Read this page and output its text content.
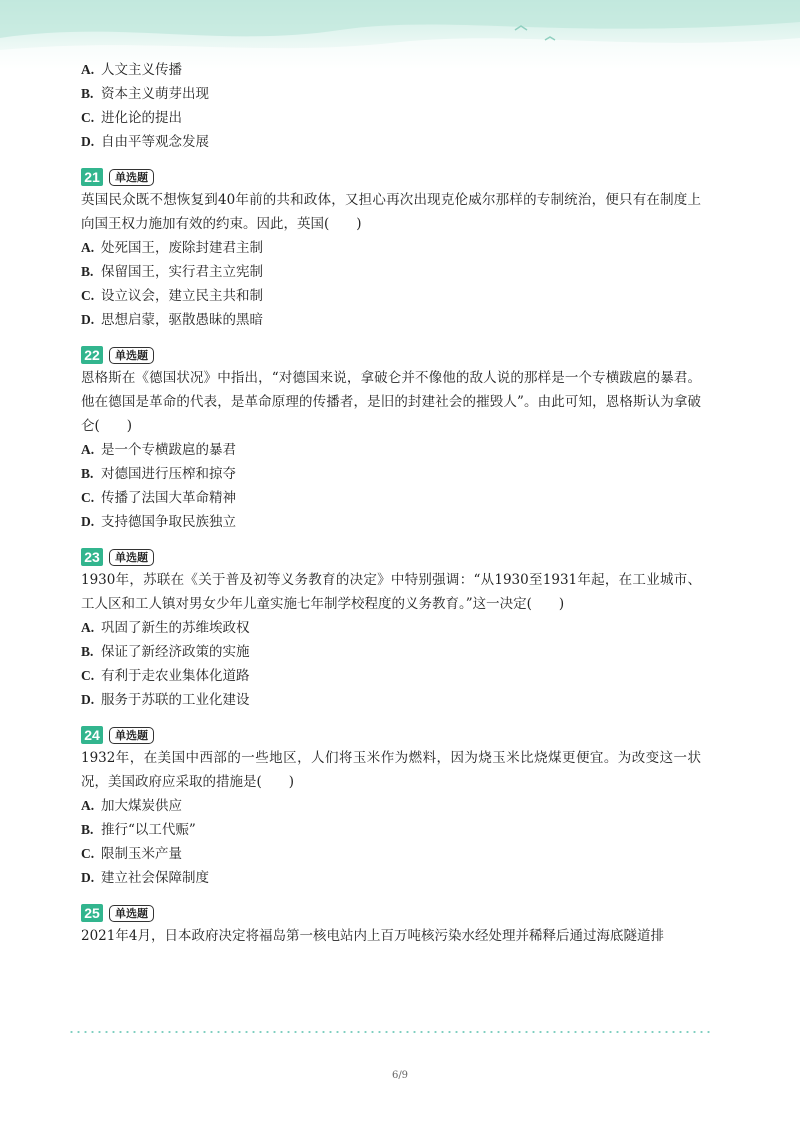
A. 人文主义传播
B. 资本主义萌芽出现
C. 进化论的提出
D. 自由平等观念发展
21	单选题
英国民众既不想恢复到40年前的共和政体，又担心再次出现克伦威尔那样的专制统治，便只有在制度上向国王权力施加有效的约束。因此，英国(　　)
A. 处死国王，废除封建君主制
B. 保留国王，实行君主立宪制
C. 设立议会，建立民主共和制
D. 思想启蒙，驱散愚昧的黑暗
22	单选题
恩格斯在《德国状况》中指出，“对德国来说，拿破仑并不像他的敌人说的那样是一个专横跋扈的暴君。他在德国是革命的代表，是革命原理的传播者，是旧的封建社会的摧毁人”。由此可知，恩格斯认为拿破仑(　　)
A. 是一个专横跋扈的暴君
B. 对德国进行压榨和掠夺
C. 传播了法国大革命精神
D. 支持德国争取民族独立
23	单选题
1930年，苏联在《关于普及初等义务教育的决定》中特别强调：“从1930至1931年起，在工业城市、工人区和工人镇对男女少年儿童实施七年制学校程度的义务教育。”这一决定(　　)
A. 巩固了新生的苏维埃政权
B. 保证了新经济政策的实施
C. 有利于走农业集体化道路
D. 服务于苏联的工业化建设
24	单选题
1932年，在美国中西部的一些地区，人们将玉米作为燃料，因为烧玉米比烧煤更便宜。为改变这一状况，美国政府应采取的措施是(　　)
A. 加大煤炭供应
B. 推行“以工代赈”
C. 限制玉米产量
D. 建立社会保障制度
25	单选题
2021年4月，日本政府决定将福岛第一核电站内上百万吨核污染水经处理并稀释后通过海底隧道排
6/9
